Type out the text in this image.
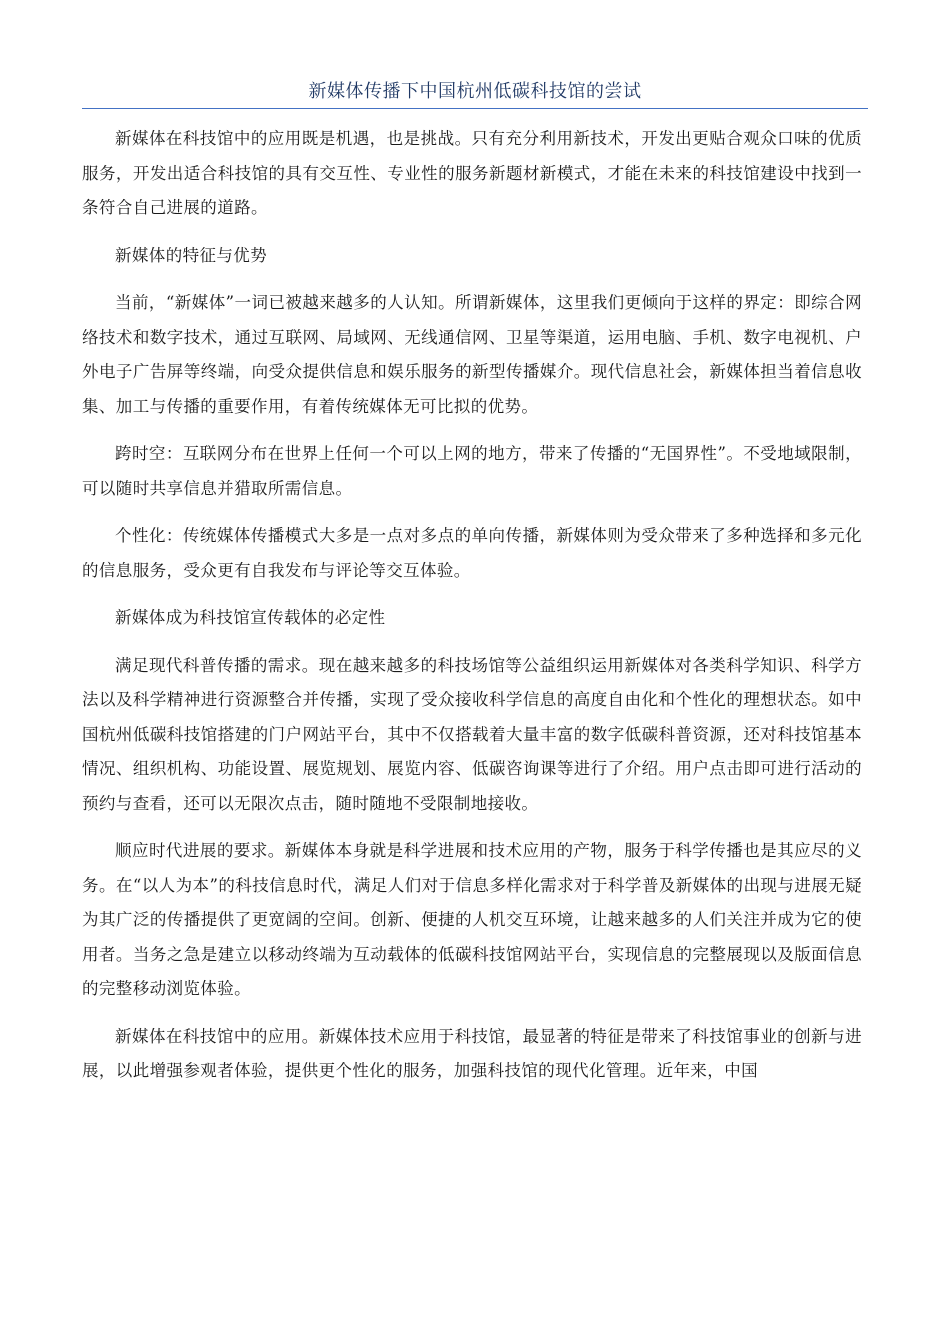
新媒体传播下中国杭州低碳科技馆的尝试

新媒体在科技馆中的应用既是机遇，也是挑战。只有充分利用新技术，开发出更贴合观众口味的优质服务，开发出适合科技馆的具有交互性、专业性的服务新题材新模式，才能在未来的科技馆建设中找到一条符合自己进展的道路。

新媒体的特征与优势

当前，“新媒体”一词已被越来越多的人认知。所谓新媒体，这里我们更倾向于这样的界定：即综合网络技术和数字技术，通过互联网、局域网、无线通信网、卫星等渠道，运用电脑、手机、数字电视机、户外电子广告屏等终端，向受众提供信息和娱乐服务的新型传播媒介。现代信息社会，新媒体担当着信息收集、加工与传播的重要作用，有着传统媒体无可比拟的优势。

跨时空：互联网分布在世界上任何一个可以上网的地方，带来了传播的“无国界性”。不受地域限制，可以随时共享信息并猎取所需信息。

个性化：传统媒体传播模式大多是一点对多点的单向传播，新媒体则为受众带来了多种选择和多元化的信息服务，受众更有自我发布与评论等交互体验。

新媒体成为科技馆宣传载体的必定性

满足现代科普传播的需求。现在越来越多的科技场馆等公益组织运用新媒体对各类科学知识、科学方法以及科学精神进行资源整合并传播，实现了受众接收科学信息的高度自由化和个性化的理想状态。如中国杭州低碳科技馆搭建的门户网站平台，其中不仅搭载着大量丰富的数字低碳科普资源，还对科技馆基本情况、组织机构、功能设置、展览规划、展览内容、低碳咨询课等进行了介绍。用户点击即可进行活动的预约与查看，还可以无限次点击，随时随地不受限制地接收。

顺应时代进展的要求。新媒体本身就是科学进展和技术应用的产物，服务于科学传播也是其应尽的义务。在“以人为本”的科技信息时代，满足人们对于信息多样化需求对于科学普及新媒体的出现与进展无疑为其广泛的传播提供了更宽阔的空间。创新、便捷的人机交互环境，让越来越多的人们关注并成为它的使用者。当务之急是建立以移动终端为互动载体的低碳科技馆网站平台，实现信息的完整展现以及版面信息的完整移动浏览体验。

新媒体在科技馆中的应用。新媒体技术应用于科技馆，最显著的特征是带来了科技馆事业的创新与进展，以此增强参观者体验，提供更个性化的服务，加强科技馆的现代化管理。近年来，中国
